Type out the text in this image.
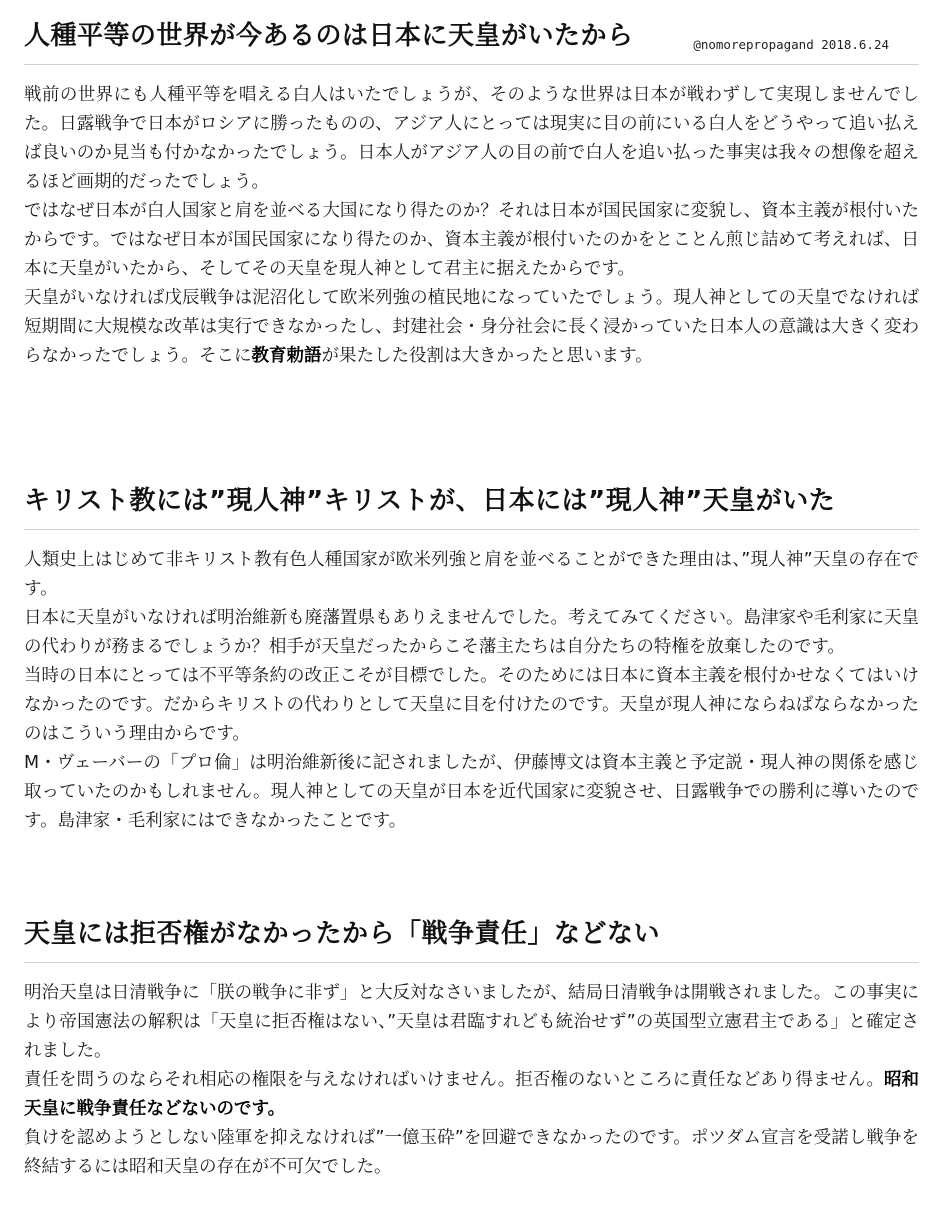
人種平等の世界が今あるのは日本に天皇がいたから	@nomorepropagand 2018.6.24

戦前の世界にも人種平等を唱える白人はいたでしょうが、そのような世界は日本が戦わずして実現しませんでした。日露戦争で日本がロシアに勝ったものの、アジア人にとっては現実に目の前にいる白人をどうやって追い払えば良いのか見当も付かなかったでしょう。日本人がアジア人の目の前で白人を追い払った事実は我々の想像を超えるほど画期的だったでしょう。

ではなぜ日本が白人国家と肩を並べる大国になり得たのか？それは日本が国民国家に変貌し、資本主義が根付いたからです。ではなぜ日本が国民国家になり得たのか、資本主義が根付いたのかをとことん煎じ詰めて考えれば、日本に天皇がいたから、そしてその天皇を現人神として君主に据えたからです。

天皇がいなければ戊辰戦争は泥沼化して欧米列強の植民地になっていたでしょう。現人神としての天皇でなければ短期間に大規模な改革は実行できなかったし、封建社会・身分社会に長く浸かっていた日本人の意識は大きく変わらなかったでしょう。そこに教育勅語が果たした役割は大きかったと思います。

キリスト教には”現人神”キリストが、日本には”現人神”天皇がいた

人類史上はじめて非キリスト教有色人種国家が欧米列強と肩を並べることができた理由は、”現人神”天皇の存在です。

日本に天皇がいなければ明治維新も廃藩置県もありえませんでした。考えてみてください。島津家や毛利家に天皇の代わりが務まるでしょうか？相手が天皇だったからこそ藩主たちは自分たちの特権を放棄したのです。

当時の日本にとっては不平等条約の改正こそが目標でした。そのためには日本に資本主義を根付かせなくてはいけなかったのです。だからキリストの代わりとして天皇に目を付けたのです。天皇が現人神にならねばならなかったのはこういう理由からです。

M・ヴェーバーの「プロ倫」は明治維新後に記されましたが、伊藤博文は資本主義と予定説・現人神の関係を感じ取っていたのかもしれません。現人神としての天皇が日本を近代国家に変貌させ、日露戦争での勝利に導いたのです。島津家・毛利家にはできなかったことです。

天皇には拒否権がなかったから「戦争責任」などない

明治天皇は日清戦争に「朕の戦争に非ず」と大反対なさいましたが、結局日清戦争は開戦されました。この事実により帝国憲法の解釈は「天皇に拒否権はない、”天皇は君臨すれども統治せず”の英国型立憲君主である」と確定されました。

責任を問うのならそれ相応の権限を与えなければいけません。拒否権のないところに責任などあり得ません。昭和天皇に戦争責任などないのです。

負けを認めようとしない陸軍を抑えなければ”一億玉砕”を回避できなかったのです。ポツダム宣言を受諾し戦争を終結するには昭和天皇の存在が不可欠でした。
